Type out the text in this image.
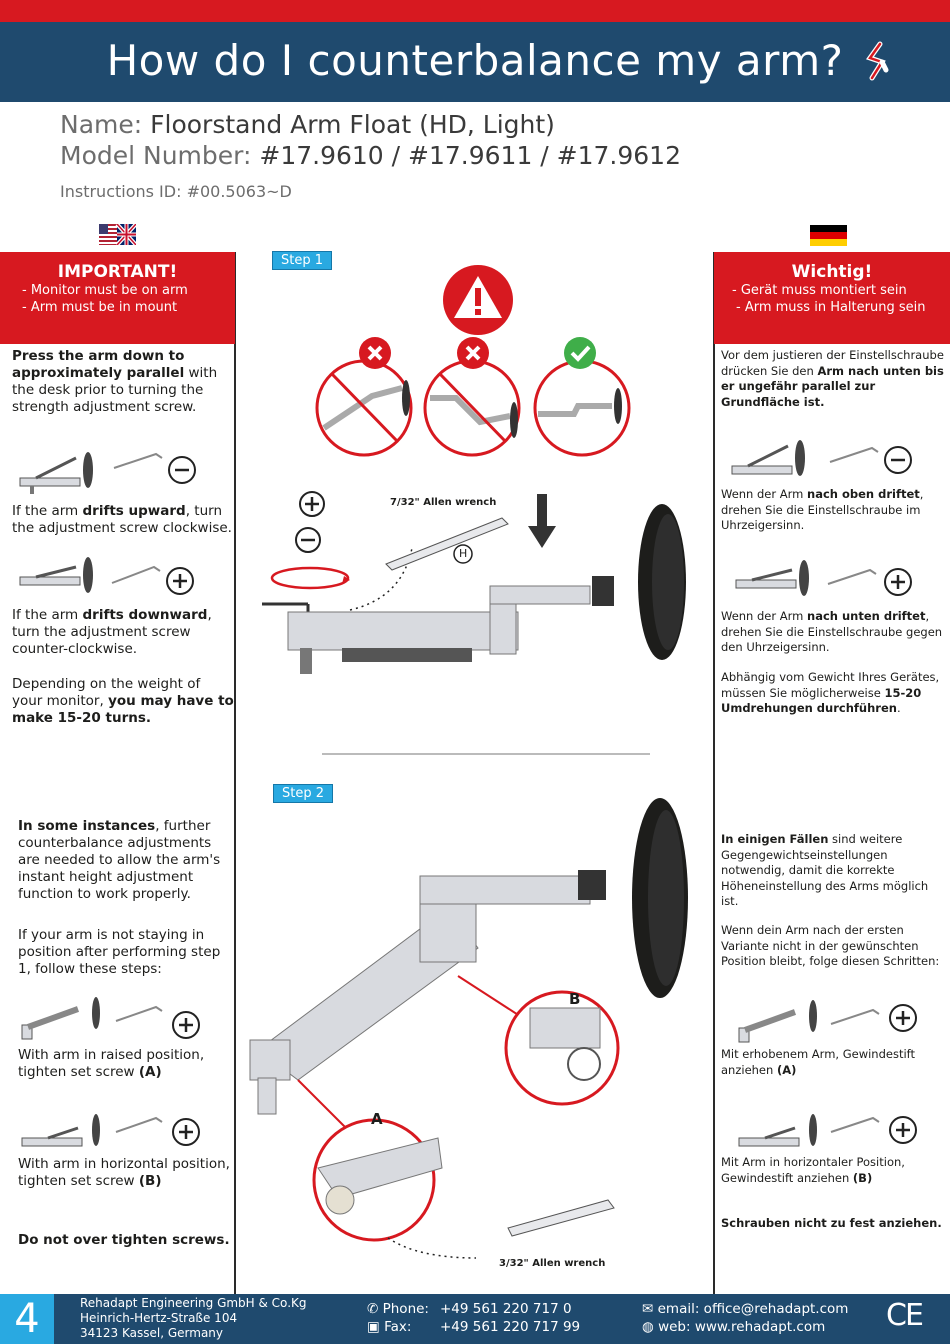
How do I counterbalance my arm?
Name: Floorstand Arm Float (HD, Light)
Model Number: #17.9610 / #17.9611 / #17.9612
Instructions ID: #00.5063~D
IMPORTANT!
- Monitor must be on arm
- Arm must be in mount
Press the arm down to approximately parallel with the desk prior to turning the strength adjustment screw.
If the arm drifts upward, turn the adjustment screw clockwise.
If the arm drifts downward, turn the adjustment screw counter-clockwise.
Depending on the weight of your monitor, you may have to make 15-20 turns.
In some instances, further counterbalance adjustments are needed to allow the arm's instant height adjustment function to work properly.
If your arm is not staying in position after performing step 1, follow these steps:
With arm in raised position, tighten set screw (A)
With arm in horizontal position, tighten set screw (B)
Do not over tighten screws.
Wichtig!
- Gerät muss montiert sein
- Arm muss in Halterung sein
Vor dem justieren der Einstellschraube drücken Sie den Arm nach unten bis er ungefähr parallel zur Grundfläche ist.
Wenn der Arm nach oben driftet, drehen Sie die Einstellschraube im Uhrzeigersinn.
Wenn der Arm nach unten driftet, drehen Sie die Einstellschraube gegen den Uhrzeigersinn.
Abhängig vom Gewicht Ihres Gerätes, müssen Sie möglicherweise 15-20 Umdrehungen durchführen.
In einigen Fällen sind weitere Gegengewichtseinstellungen notwendig, damit die korrekte Höheneinstellung des Arms möglich ist.
Wenn dein Arm nach der ersten Variante nicht in der gewünschten Position bleibt, folge diesen Schritten:
Mit erhobenem Arm, Gewindestift anziehen (A)
Mit Arm in horizontaler Position, Gewindestift anziehen (B)
Schrauben nicht zu fest anziehen.
Step 1
7/32" Allen wrench
H
Step 2
B
A
3/32" Allen wrench
4	Rehadapt Engineering GmbH & Co.Kg
Heinrich-Hertz-Straße 104
34123 Kassel, Germany
✆ Phone: +49 561 220 717 0
▣ Fax: +49 561 220 717 99
✉ email: office@rehadapt.com
◍ web: www.rehadapt.com CE
